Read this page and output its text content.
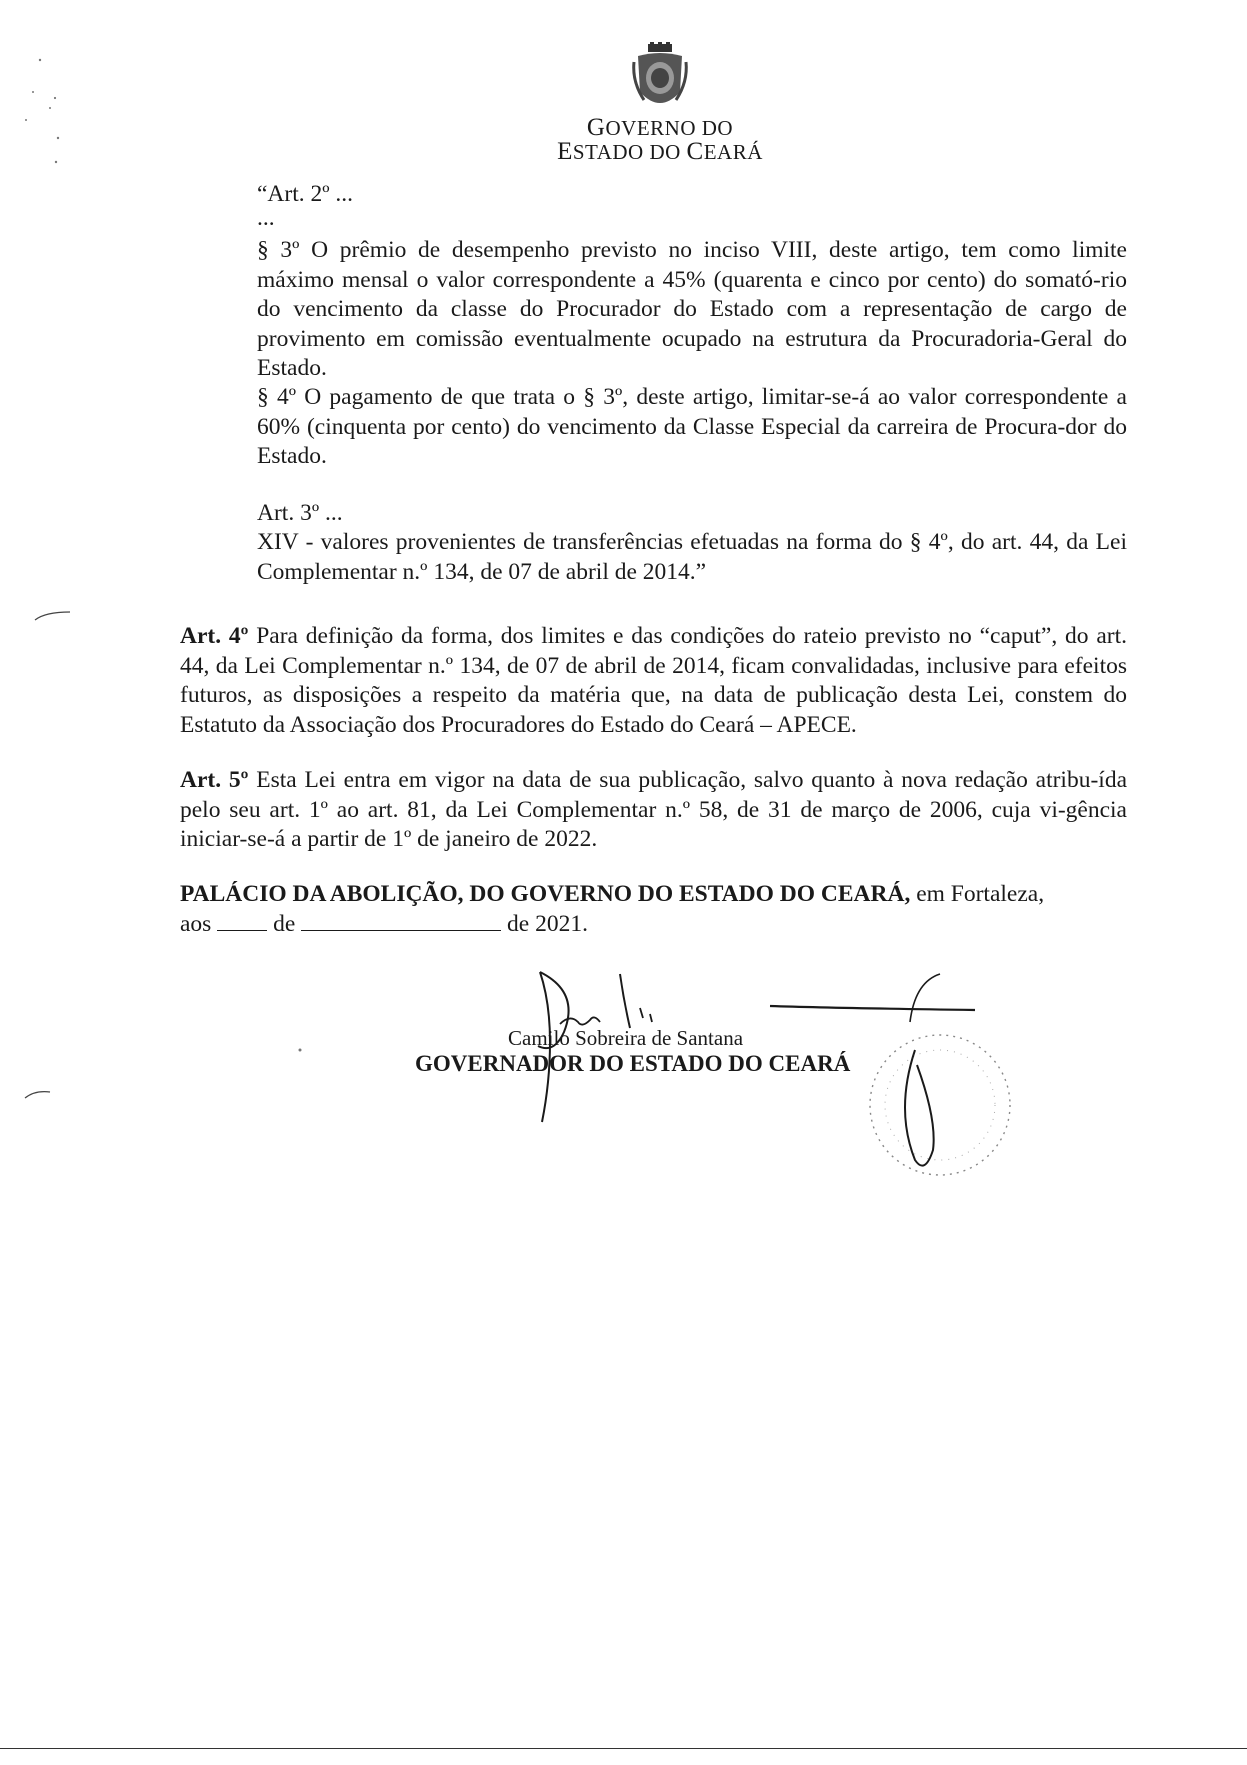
GOVERNO DO
ESTADO DO CEARÁ

“Art. 2º ...

...

§ 3º O prêmio de desempenho previsto no inciso VIII, deste artigo, tem como limite máximo mensal o valor correspondente a 45% (quarenta e cinco por cento) do somató-rio do vencimento da classe do Procurador do Estado com a representação de cargo de provimento em comissão eventualmente ocupado na estrutura da Procuradoria-Geral do Estado.

§ 4º O pagamento de que trata o § 3º, deste artigo, limitar-se-á ao valor correspondente a 60% (cinquenta por cento) do vencimento da Classe Especial da carreira de Procura-dor do Estado.

Art. 3º ...

XIV - valores provenientes de transferências efetuadas na forma do § 4º, do art. 44, da Lei Complementar n.º 134, de 07 de abril de 2014.”

Art. 4º Para definição da forma, dos limites e das condições do rateio previsto no “caput”, do art. 44, da Lei Complementar n.º 134, de 07 de abril de 2014, ficam convalidadas, inclusive para efeitos futuros, as disposições a respeito da matéria que, na data de publicação desta Lei, constem do Estatuto da Associação dos Procuradores do Estado do Ceará – APECE.

Art. 5º Esta Lei entra em vigor na data de sua publicação, salvo quanto à nova redação atribu-ída pelo seu art. 1º ao art. 81, da Lei Complementar n.º 58, de 31 de março de 2006, cuja vi-gência iniciar-se-á a partir de 1º de janeiro de 2022.

PALÁCIO DA ABOLIÇÃO, DO GOVERNO DO ESTADO DO CEARÁ, em Fortaleza,

aos	de	de 2021.
Camilo Sobreira de Santana
GOVERNADOR DO ESTADO DO CEARÁ
